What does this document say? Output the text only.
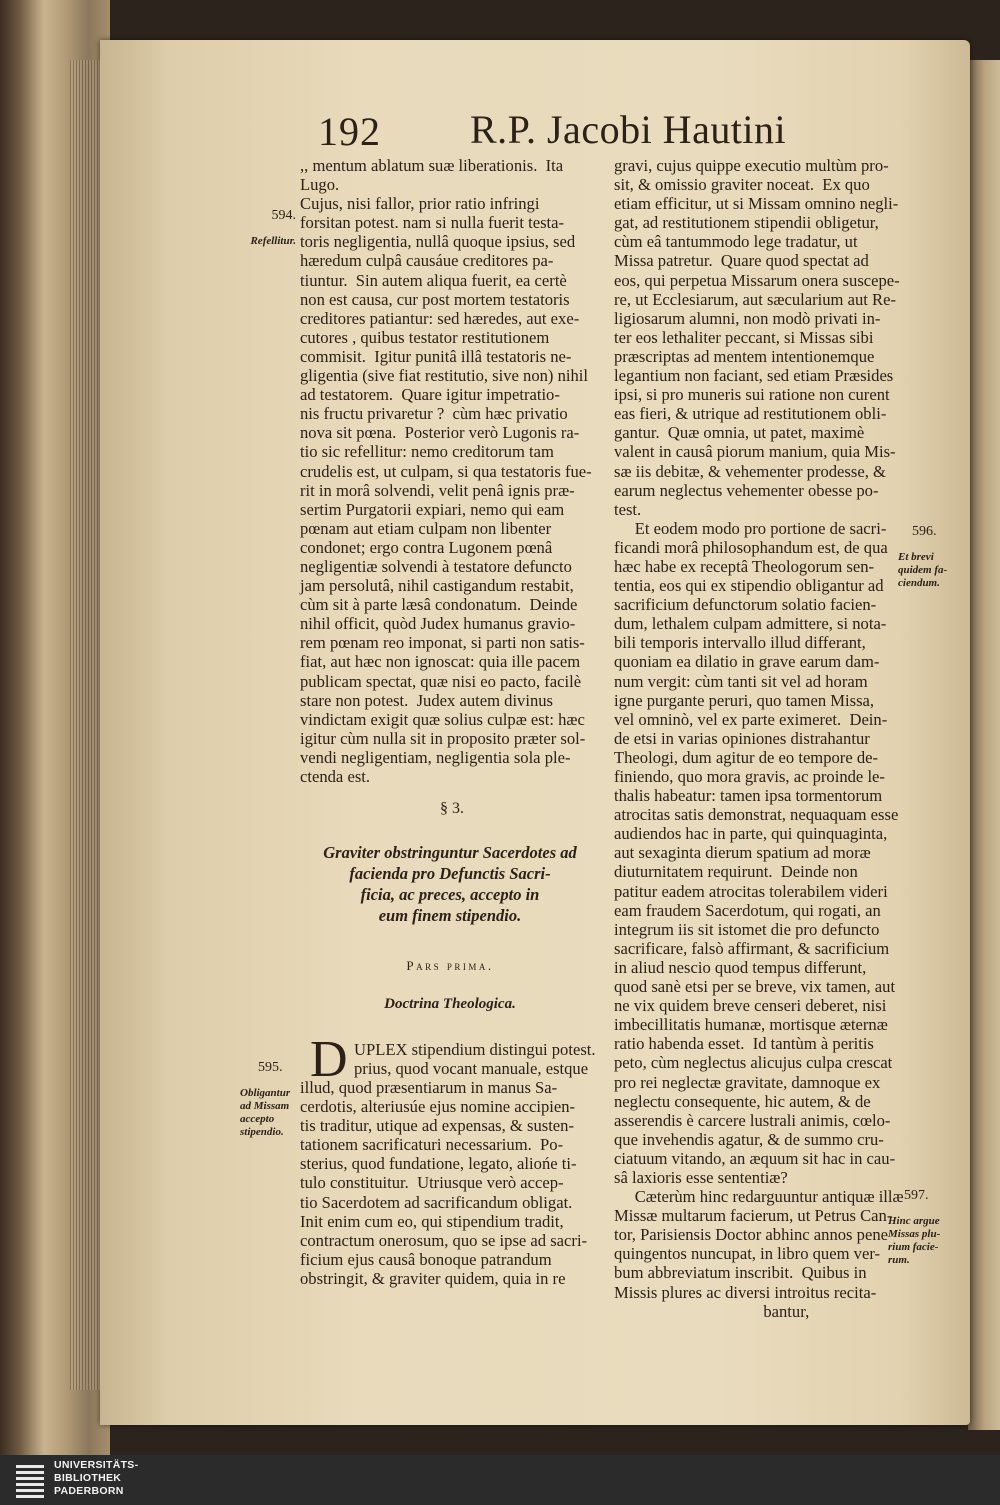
192 R.P. Jacobi Hautini
,, mentum ablatum suæ liberationis.  Ita
Lugo.
Cujus, nisi fallor, prior ratio infringi
forsitan potest. nam si nulla fuerit testa-
toris negligentia, nullâ quoque ipsius, sed
hæredum culpâ causáue creditores pa-
tiuntur.  Sin autem aliqua fuerit, ea certè
non est causa, cur post mortem testatoris
creditores patiantur: sed hæredes, aut exe-
cutores , quibus testator restitutionem
commisit.  Igitur punitâ illâ testatoris ne-
gligentia (sive fiat restitutio, sive non) nihil
ad testatorem.  Quare igitur impetratio-
nis fructu privaretur ?  cùm hæc privatio
nova sit pœna.  Posterior verò Lugonis ra-
tio sic refellitur: nemo creditorum tam
crudelis est, ut culpam, si qua testatoris fue-
rit in morâ solvendi, velit penâ ignis præ-
sertim Purgatorii expiari, nemo qui eam
pœnam aut etiam culpam non libenter
condonet; ergo contra Lugonem pœnâ
negligentiæ solvendi à testatore defuncto
jam persolutâ, nihil castigandum restabit,
cùm sit à parte læsâ condonatum.  Deinde
nihil officit, quòd Judex humanus gravio-
rem pœnam reo imponat, si parti non satis-
fiat, aut hæc non ignoscat: quia ille pacem
publicam spectat, quæ nisi eo pacto, facilè
stare non potest.  Judex autem divinus
vindictam exigit quæ solius culpæ est: hæc
igitur cùm nulla sit in proposito præter sol-
vendi negligentiam, negligentia sola ple-
ctenda est.

594.

Refellitur.

§ 3.
Graviter obstringuntur Sacerdotes ad
facienda pro Defunctis Sacri-
ficia, ac preces, accepto in
eum finem stipendio.
Pars prima.
Doctrina Theologica.
D UPLEX stipendium distingui potest.
prius, quod vocant manuale, estque
illud, quod præsentiarum in manus Sa-
cerdotis, alteriusúe ejus nomine accipien-
tis traditur, utique ad expensas, & susten-
tationem sacrificaturi necessarium.  Po-
sterius, quod fundatione, legato, aliońe ti-
tulo constituitur.  Utriusque verò accep-
tio Sacerdotem ad sacrificandum obligat.
Init enim cum eo, qui stipendium tradit,
contractum onerosum, quo se ipse ad sacri-
ficium ejus causâ bonoque patrandum
obstringit, & graviter quidem, quia in re

595.

Obligantur
ad Missam
accepto
stipendio.

gravi, cujus quippe executio multùm pro-
sit, & omissio graviter noceat.  Ex quo
etiam efficitur, ut si Missam omnino negli-
gat, ad restitutionem stipendii obligetur,
cùm eâ tantummodo lege tradatur, ut
Missa patretur.  Quare quod spectat ad
eos, qui perpetua Missarum onera suscepe-
re, ut Ecclesiarum, aut sæcularium aut Re-
ligiosarum alumni, non modò privati in-
ter eos lethaliter peccant, si Missas sibi
præscriptas ad mentem intentionemque
legantium non faciant, sed etiam Præsides
ipsi, si pro muneris sui ratione non curent
eas fieri, & utrique ad restitutionem obli-
gantur.  Quæ omnia, ut patet, maximè
valent in causâ piorum manium, quia Mis-
sæ iis debitæ, & vehementer prodesse, &
earum neglectus vehementer obesse po-
test.
Et eodem modo pro portione de sacri-
ficandi morâ philosophandum est, de qua
hæc habe ex receptâ Theologorum sen-
tentia, eos qui ex stipendio obligantur ad
sacrificium defunctorum solatio facien-
dum, lethalem culpam admittere, si nota-
bili temporis intervallo illud differant,
quoniam ea dilatio in grave earum dam-
num vergit: cùm tanti sit vel ad horam
igne purgante peruri, quo tamen Missa,
vel omninò, vel ex parte eximeret.  Dein-
de etsi in varias opiniones distrahantur
Theologi, dum agitur de eo tempore de-
finiendo, quo mora gravis, ac proinde le-
thalis habeatur: tamen ipsa tormentorum
atrocitas satis demonstrat, nequaquam esse
audiendos hac in parte, qui quinquaginta,
aut sexaginta dierum spatium ad moræ
diuturnitatem requirunt.  Deinde non
patitur eadem atrocitas tolerabilem videri
eam fraudem Sacerdotum, qui rogati, an
integrum iis sit istomet die pro defuncto
sacrificare, falsò affirmant, & sacrificium
in aliud nescio quod tempus differunt,
quod sanè etsi per se breve, vix tamen, aut
ne vix quidem breve censeri deberet, nisi
imbecillitatis humanæ, mortisque æternæ
ratio habenda esset.  Id tantùm à peritis
peto, cùm neglectus alicujus culpa crescat
pro rei neglectæ gravitate, damnoque ex
neglectu consequente, hic autem, & de
asserendis è carcere lustrali animis, cœlo-
que invehendis agatur, & de summo cru-
ciatuum vitando, an æquum sit hac in cau-
sâ laxioris esse sententiæ?
Cæterùm hinc redarguuntur antiquæ illæ
Missæ multarum facierum, ut Petrus Can-
tor, Parisiensis Doctor abhinc annos pene
quingentos nuncupat, in libro quem ver-
bum abbreviatum inscribit.  Quibus in
Missis plures ac diversi introitus recita-
bantur,

596.

Et brevi
quidem fa-
ciendum.

597.

Hinc argue
Missas plu-
rium facie-
rum.

UNIVERSITÄTS-
BIBLIOTHEK
PADERBORN
